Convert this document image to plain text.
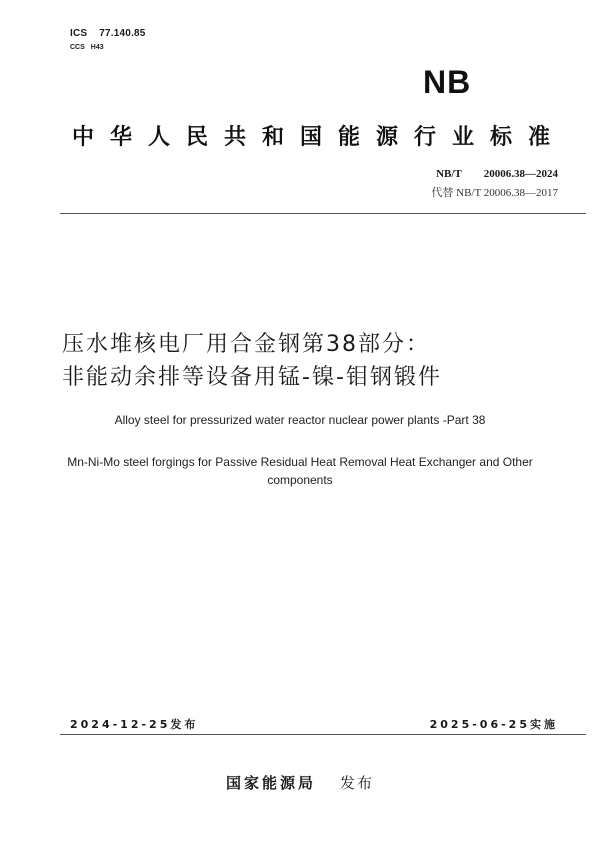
ICS 77.140.85
CCS H43
NB
中华人民共和国能源行业标准
NB/T 20006.38—2024
代替 NB/T 20006.38—2017
压水堆核电厂用合金钢第38部分：
非能动余排等设备用锰-镍-钼钢锻件
Alloy steel for pressurized water reactor nuclear power plants -Part 38
Mn-Ni-Mo steel forgings for Passive Residual Heat Removal Heat Exchanger and Other components
2024-12-25发布	2025-06-25实施
国家能源局 发布
